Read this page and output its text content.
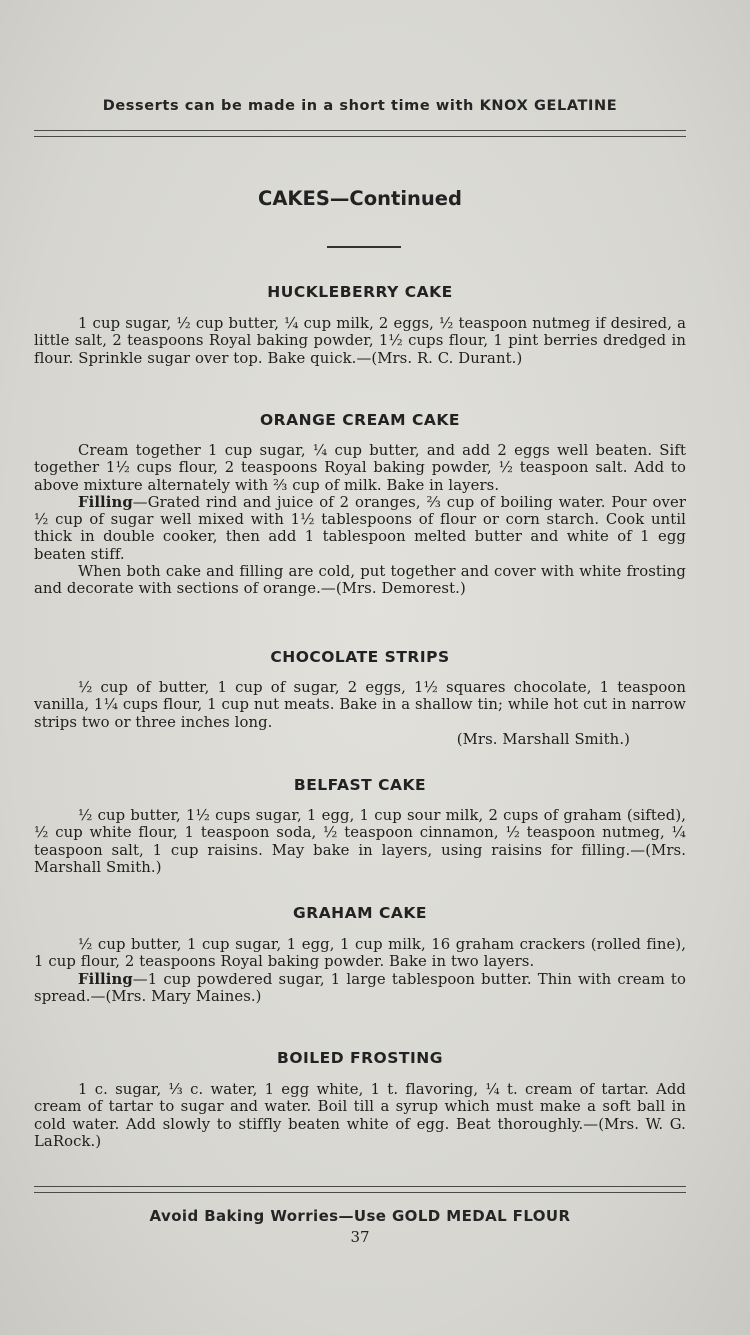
Desserts can be made in a short time with KNOX GELATINE
CAKES—Continued
HUCKLEBERRY CAKE

1 cup sugar, ½ cup butter, ¼ cup milk, 2 eggs, ½ teaspoon nutmeg if desired, a little salt, 2 teaspoons Royal baking powder, 1½ cups flour, 1 pint berries dredged in flour. Sprinkle sugar over top. Bake quick.—(Mrs. R. C. Durant.)

ORANGE CREAM CAKE

Cream together 1 cup sugar, ¼ cup butter, and add 2 eggs well beaten. Sift together 1½ cups flour, 2 teaspoons Royal baking powder, ½ teaspoon salt. Add to above mixture alternately with ⅔ cup of milk. Bake in layers.

Filling—Grated rind and juice of 2 oranges, ⅔ cup of boiling water. Pour over ½ cup of sugar well mixed with 1½ tablespoons of flour or corn starch. Cook until thick in double cooker, then add 1 tablespoon melted butter and white of 1 egg beaten stiff.

When both cake and filling are cold, put together and cover with white frosting and decorate with sections of orange.—(Mrs. Demorest.)

CHOCOLATE STRIPS

½ cup of butter, 1 cup of sugar, 2 eggs, 1½ squares chocolate, 1 teaspoon vanilla, 1¼ cups flour, 1 cup nut meats. Bake in a shallow tin; while hot cut in narrow strips two or three inches long.

(Mrs. Marshall Smith.)

BELFAST CAKE

½ cup butter, 1½ cups sugar, 1 egg, 1 cup sour milk, 2 cups of graham (sifted), ½ cup white flour, 1 teaspoon soda, ½ teaspoon cinnamon, ½ teaspoon nutmeg, ¼ teaspoon salt, 1 cup raisins. May bake in layers, using raisins for filling.—(Mrs. Marshall Smith.)

GRAHAM CAKE

½ cup butter, 1 cup sugar, 1 egg, 1 cup milk, 16 graham crackers (rolled fine), 1 cup flour, 2 teaspoons Royal baking powder. Bake in two layers.

Filling—1 cup powdered sugar, 1 large tablespoon butter. Thin with cream to spread.—(Mrs. Mary Maines.)

BOILED FROSTING

1 c. sugar, ⅓ c. water, 1 egg white, 1 t. flavoring, ¼ t. cream of tartar. Add cream of tartar to sugar and water. Boil till a syrup which must make a soft ball in cold water. Add slowly to stiffly beaten white of egg. Beat thoroughly.—(Mrs. W. G. LaRock.)

Avoid Baking Worries—Use GOLD MEDAL FLOUR
37
